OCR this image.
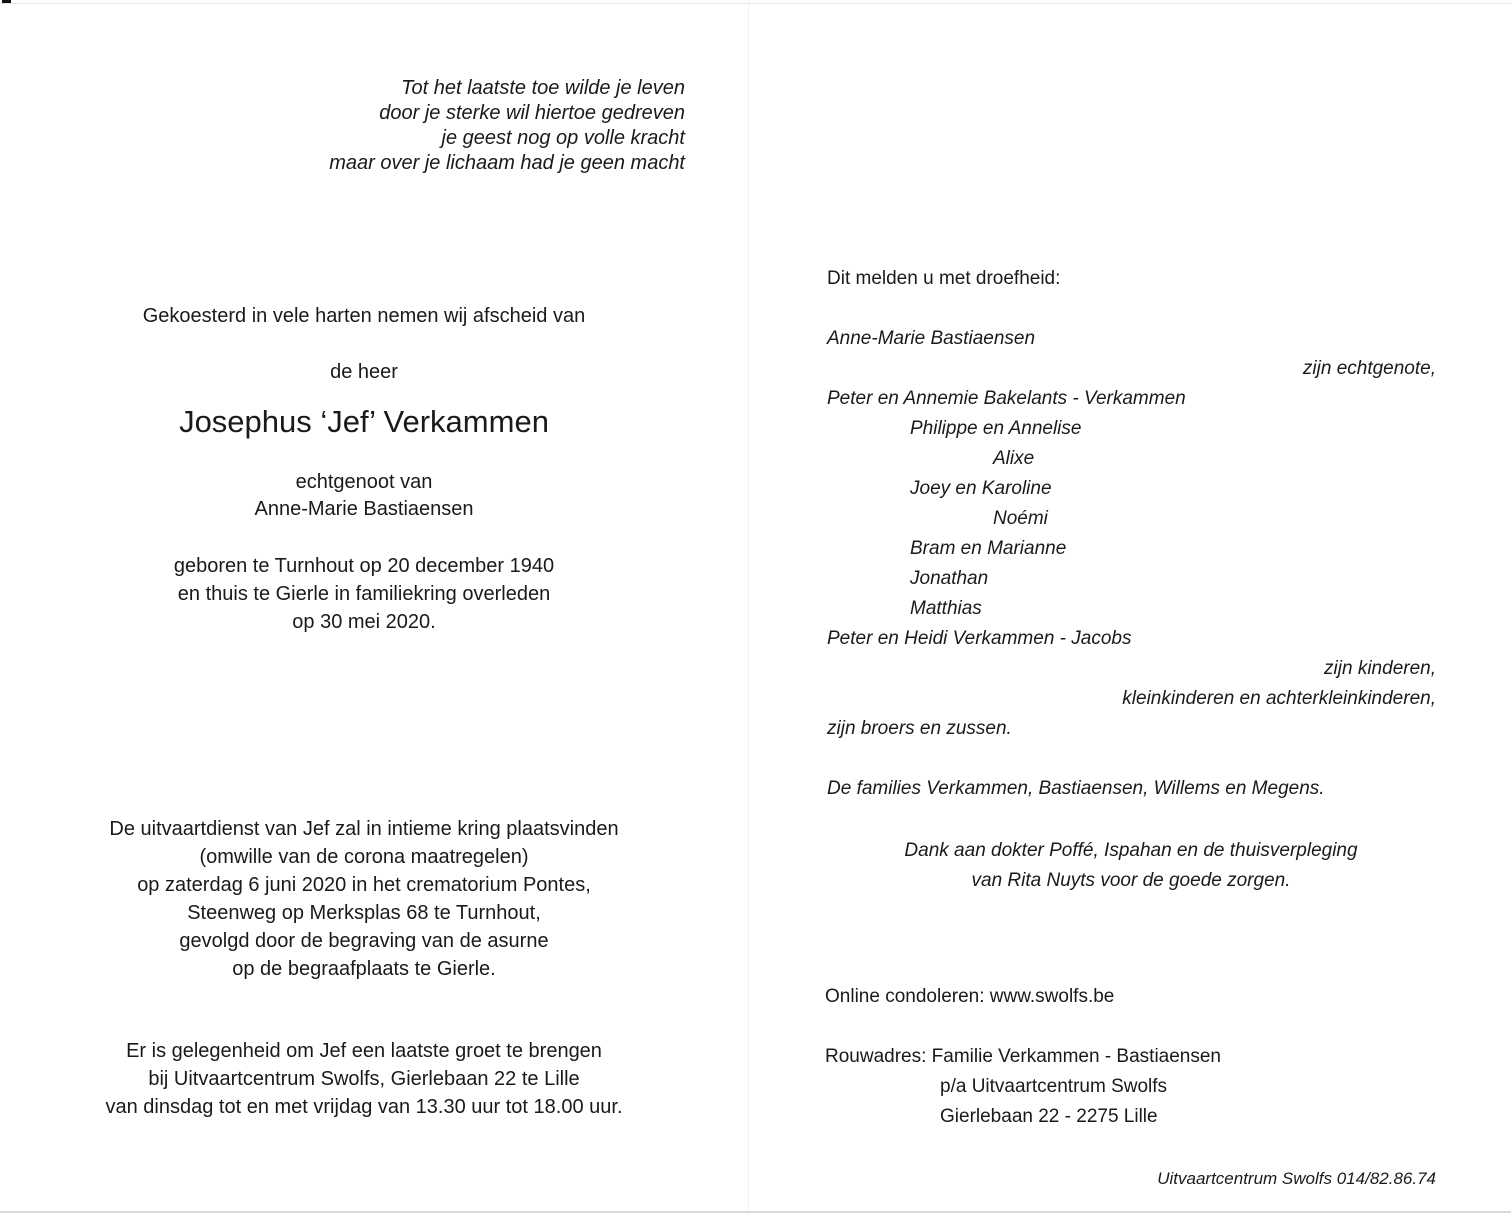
Tot het laatste toe wilde je leven
door je sterke wil hiertoe gedreven
je geest nog op volle kracht
maar over je lichaam had je geen macht
Gekoesterd in vele harten nemen wij afscheid van
de heer
Josephus ‘Jef’ Verkammen
echtgenoot van
Anne-Marie Bastiaensen
geboren te Turnhout op 20 december 1940
en thuis te Gierle in familiekring overleden
op 30 mei 2020.
De uitvaartdienst van Jef zal in intieme kring plaatsvinden
(omwille van de corona maatregelen)
op zaterdag 6 juni 2020 in het crematorium Pontes,
Steenweg op Merksplas 68 te Turnhout,
gevolgd door de begraving van de asurne
op de begraafplaats te Gierle.
Er is gelegenheid om Jef een laatste groet te brengen
bij Uitvaartcentrum Swolfs, Gierlebaan 22 te Lille
van dinsdag tot en met vrijdag van 13.30 uur tot 18.00 uur.
Dit melden u met droefheid:
Anne-Marie Bastiaensen
zijn echtgenote,
Peter en Annemie Bakelants - Verkammen
Philippe en Annelise
Alixe
Joey en Karoline
Noémi
Bram en Marianne
Jonathan
Matthias
Peter en Heidi Verkammen - Jacobs
zijn kinderen,
kleinkinderen en achterkleinkinderen,
zijn broers en zussen.
De families Verkammen, Bastiaensen, Willems en Megens.
Dank aan dokter Poffé, Ispahan en de thuisverpleging
van Rita Nuyts voor de goede zorgen.
Online condoleren: www.swolfs.be
Rouwadres: Familie Verkammen - Bastiaensen
p/a Uitvaartcentrum Swolfs
Gierlebaan 22 - 2275 Lille
Uitvaartcentrum Swolfs 014/82.86.74
